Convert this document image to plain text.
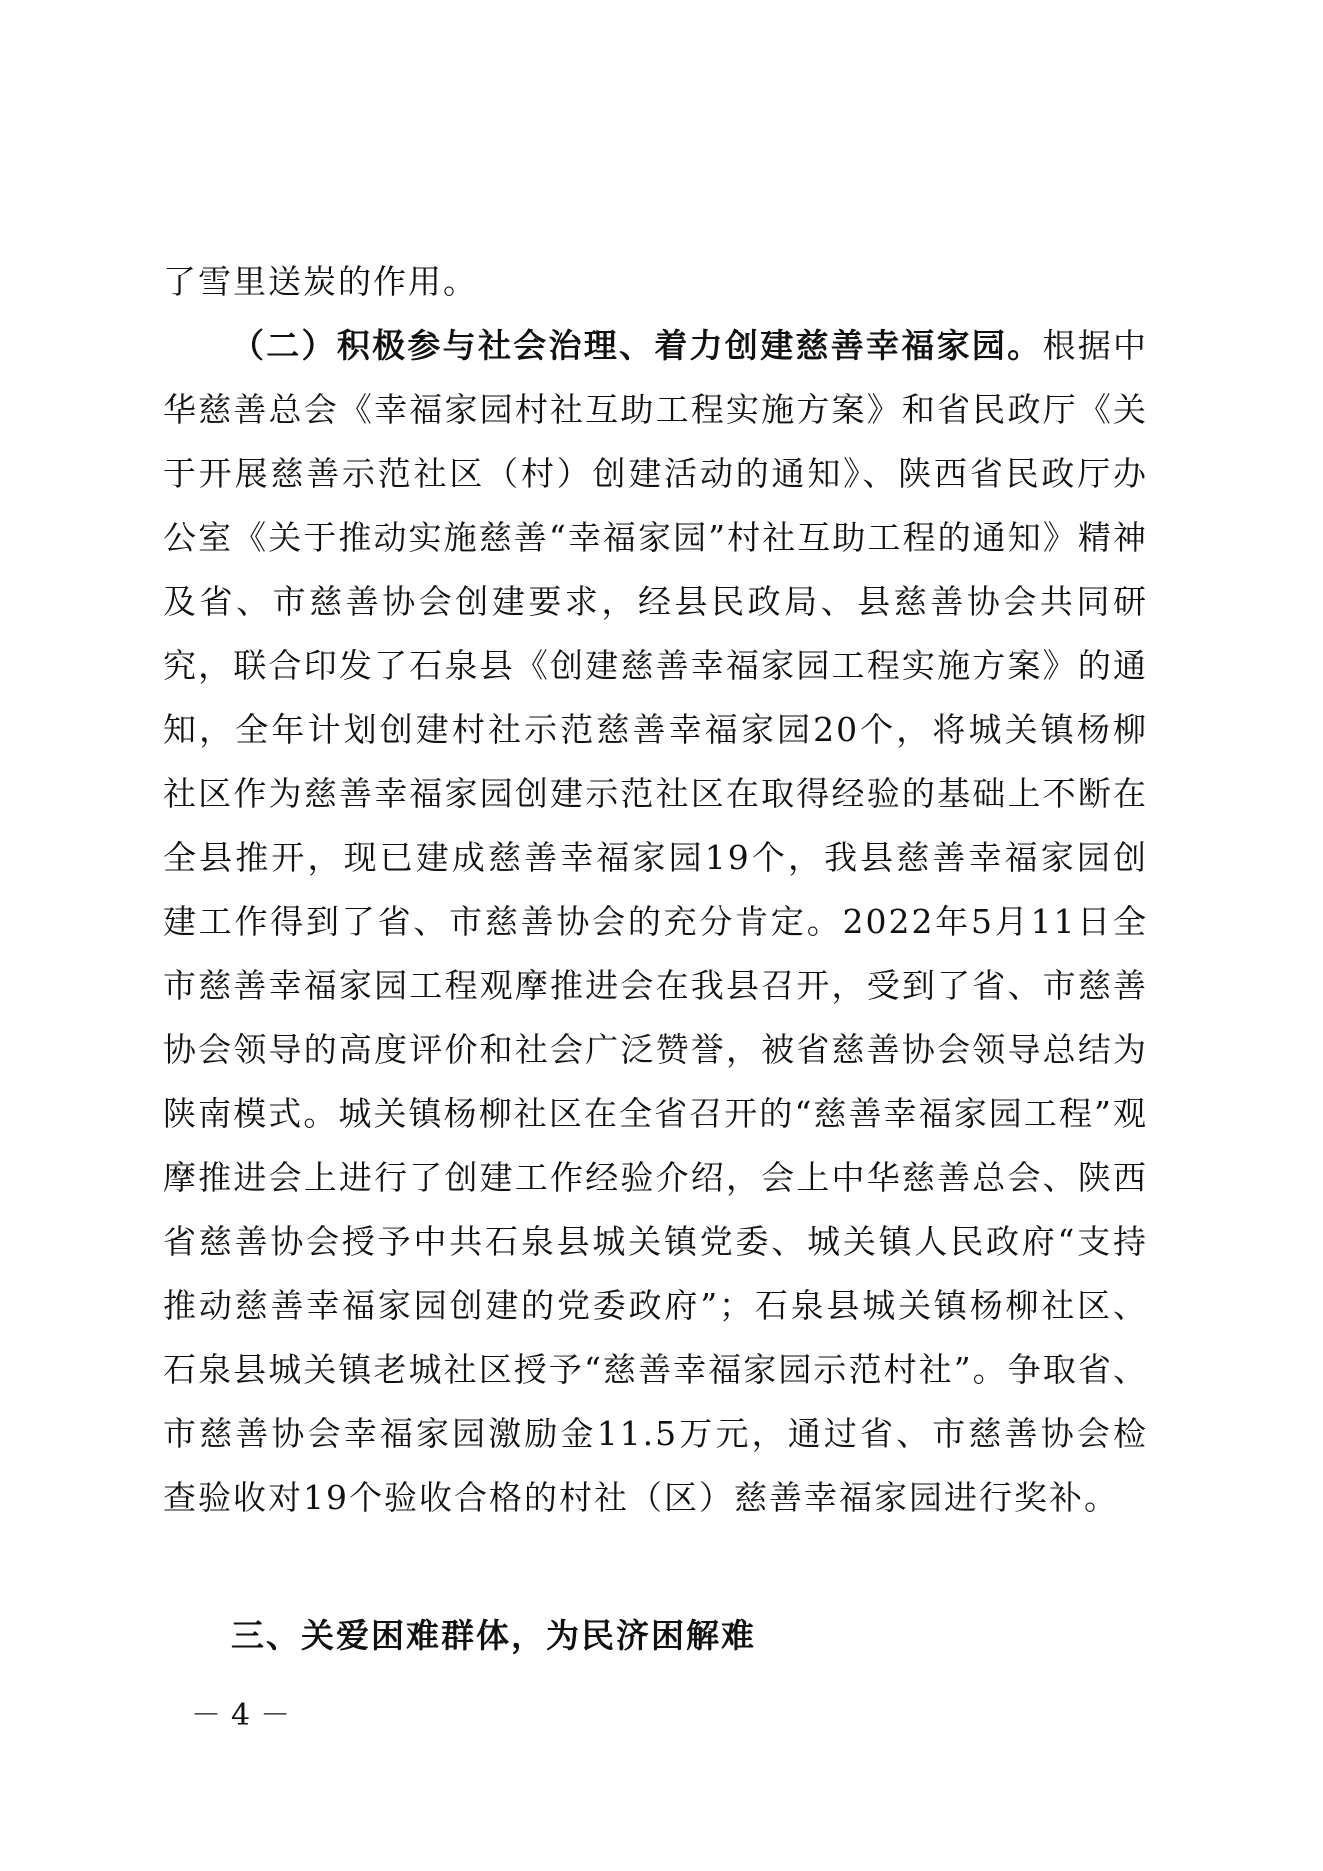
了雪里送炭的作用。

（二）积极参与社会治理、着力创建慈善幸福家园。根据中华慈善总会《幸福家园村社互助工程实施方案》和省民政厅《关于开展慈善示范社区（村）创建活动的通知》、陕西省民政厅办公室《关于推动实施慈善“幸福家园”村社互助工程的通知》精神及省、市慈善协会创建要求，经县民政局、县慈善协会共同研究，联合印发了石泉县《创建慈善幸福家园工程实施方案》的通知，全年计划创建村社示范慈善幸福家园20个，将城关镇杨柳社区作为慈善幸福家园创建示范社区在取得经验的基础上不断在全县推开，现已建成慈善幸福家园19个，我县慈善幸福家园创建工作得到了省、市慈善协会的充分肯定。2022年5月11日全市慈善幸福家园工程观摩推进会在我县召开，受到了省、市慈善协会领导的高度评价和社会广泛赞誉，被省慈善协会领导总结为陕南模式。城关镇杨柳社区在全省召开的“慈善幸福家园工程”观摩推进会上进行了创建工作经验介绍，会上中华慈善总会、陕西省慈善协会授予中共石泉县城关镇党委、城关镇人民政府“支持推动慈善幸福家园创建的党委政府”；石泉县城关镇杨柳社区、石泉县城关镇老城社区授予“慈善幸福家园示范村社”。争取省、市慈善协会幸福家园激励金11.5万元，通过省、市慈善协会检查验收对19个验收合格的村社（区）慈善幸福家园进行奖补。

三、关爱困难群体，为民济困解难

－4－
